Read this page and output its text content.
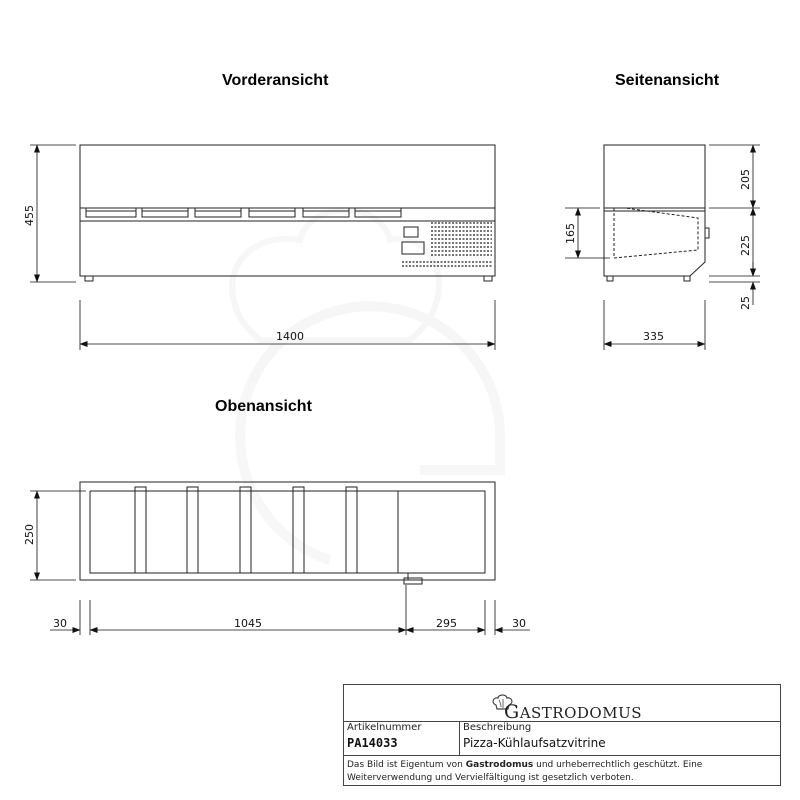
Vorderansicht	Seitenansicht
Obenansicht
455
1400
205
225
25
165
335
250
30	1045	295	30
GASTRODOMUS
Artikelnummer
PA14033
Beschreibung
Pizza-Kühlaufsatzvitrine
Das Bild ist Eigentum von Gastrodomus und urheberrechtlich geschützt. Eine Weiterverwendung und Vervielfältigung ist gesetzlich verboten.
